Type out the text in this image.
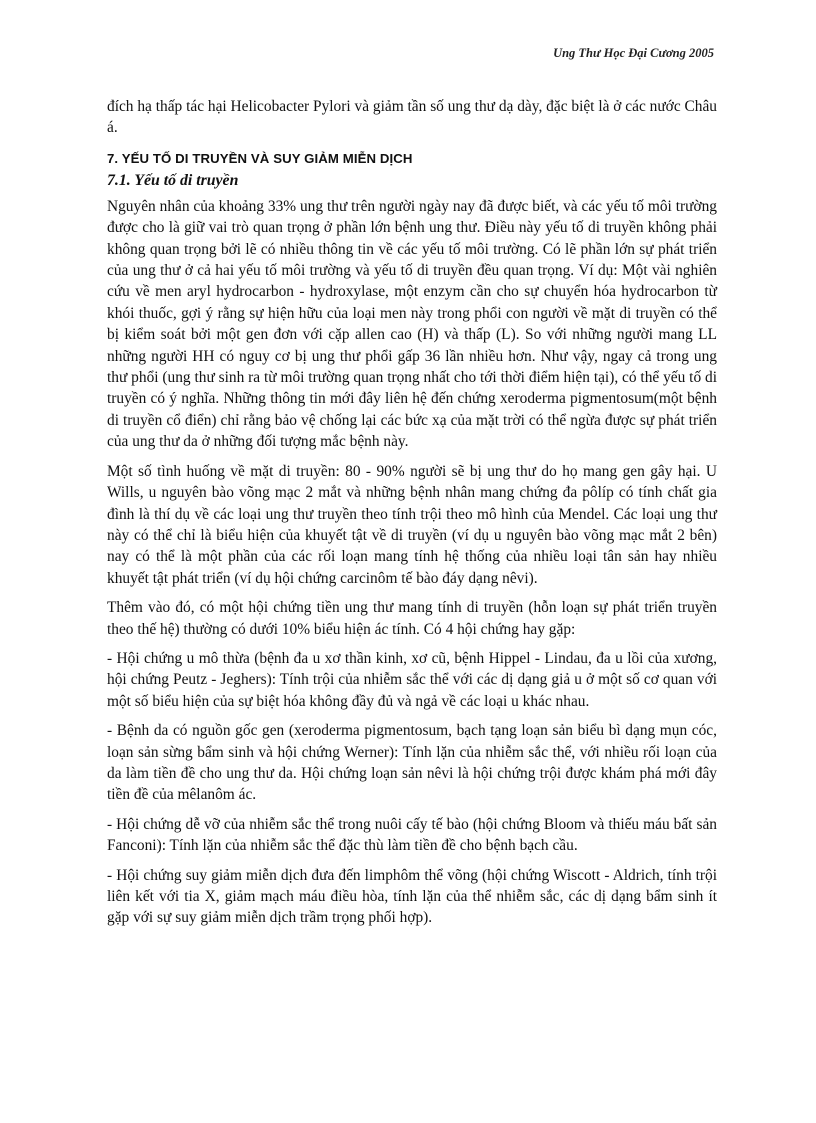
Ung Thư Học Đại Cương 2005

đích hạ thấp tác hại Helicobacter Pylori và giảm tần số ung thư dạ dày, đặc biệt là ở các nước Châu á.

7. YẾU TỐ DI TRUYỀN VÀ SUY GIẢM MIỄN DỊCH
7.1. Yếu tố di truyền

Nguyên nhân của khoảng 33% ung thư trên người ngày nay đã được biết, và các yếu tố môi trường được cho là giữ vai trò quan trọng ở phần lớn bệnh ung thư. Điều này yếu tố di truyền không phải không quan trọng bởi lẽ có nhiều thông tin về các yếu tố môi trường. Có lẽ phần lớn sự phát triển của ung thư ở cả hai yếu tố môi trường và yếu tố di truyền đều quan trọng. Ví dụ: Một vài nghiên cứu về men aryl hydrocarbon - hydroxylase, một enzym cần cho sự chuyển hóa hydrocarbon từ khói thuốc, gợi ý rằng sự hiện hữu của loại men này trong phổi con người về mặt di truyền có thể bị kiểm soát bởi một gen đơn với cặp allen cao (H) và thấp (L). So với những người mang LL những người HH có nguy cơ bị ung thư phổi gấp 36 lần nhiều hơn. Như vậy, ngay cả trong ung thư phổi (ung thư sinh ra từ môi trường quan trọng nhất cho tới thời điểm hiện tại), có thể yếu tố di truyền có ý nghĩa. Những thông tin mới đây liên hệ đến chứng xeroderma pigmentosum(một bệnh di truyền cổ điển) chỉ rằng bảo vệ chống lại các bức xạ của mặt trời có thể ngừa được sự phát triển của ung thư da ở những đối tượng mắc bệnh này.

Một số tình huống về mặt di truyền: 80 - 90% người sẽ bị ung thư do họ mang gen gây hại. U Wills, u nguyên bào võng mạc 2 mắt và những bệnh nhân mang chứng đa pôlíp có tính chất gia đình là thí dụ về các loại ung thư truyền theo tính trội theo mô hình của Mendel. Các loại ung thư này có thể chỉ là biểu hiện của khuyết tật về di truyền (ví dụ u nguyên bào võng mạc mắt 2 bên) nay có thể là một phần của các rối loạn mang tính hệ thống của nhiều loại tân sản hay nhiều khuyết tật phát triển (ví dụ hội chứng carcinôm tế bào đáy dạng nêvi).

Thêm vào đó, có một hội chứng tiền ung thư mang tính di truyền (hỗn loạn sự phát triển truyền theo thế hệ) thường có dưới 10% biểu hiện ác tính. Có 4 hội chứng hay gặp:

- Hội chứng u mô thừa (bệnh đa u xơ thần kinh, xơ cũ, bệnh Hippel - Lindau, đa u lồi của xương, hội chứng Peutz - Jeghers): Tính trội của nhiễm sắc thể với các dị dạng giả u ở một số cơ quan với một số biểu hiện của sự biệt hóa không đầy đủ và ngả về các loại u khác nhau.

- Bệnh da có nguồn gốc gen (xeroderma pigmentosum, bạch tạng loạn sản biểu bì dạng mụn cóc, loạn sản sừng bẩm sinh và hội chứng Werner): Tính lặn của nhiễm sắc thể, với nhiều rối loạn của da làm tiền đề cho ung thư da. Hội chứng loạn sản nêvi là hội chứng trội được khám phá mới đây tiền đề của mêlanôm ác.

- Hội chứng dễ vỡ của nhiễm sắc thể trong nuôi cấy tế bào (hội chứng Bloom và thiếu máu bất sản Fanconi): Tính lặn của nhiễm sắc thể đặc thù làm tiền đề cho bệnh bạch cầu.

- Hội chứng suy giảm miễn dịch đưa đến limphôm thể võng (hội chứng Wiscott - Aldrich, tính trội liên kết với tia X, giảm mạch máu điều hòa, tính lặn của thể nhiễm sắc, các dị dạng bẩm sinh ít gặp với sự suy giảm miễn dịch trầm trọng phối hợp).
